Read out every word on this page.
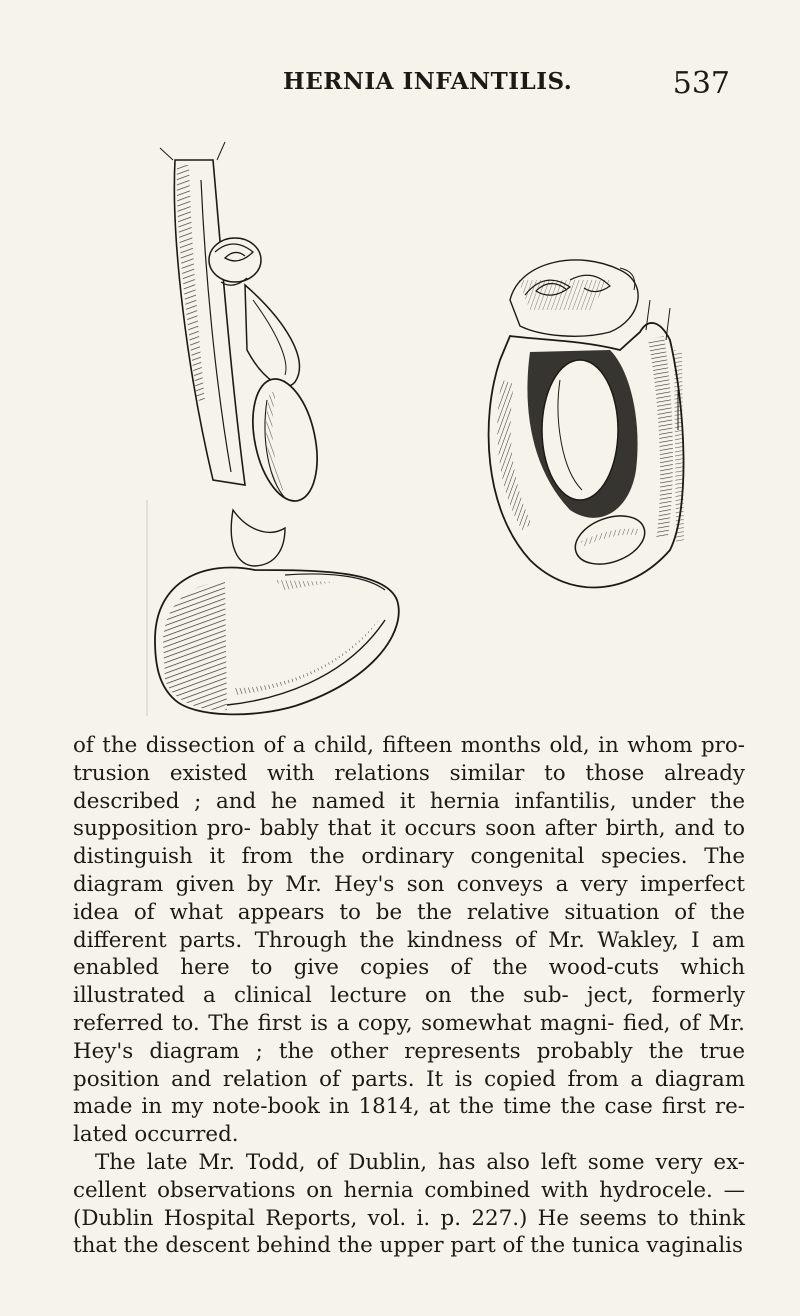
HERNIA INFANTILIS.	537

of the dissection of a child, fifteen months old, in whom pro- trusion existed with relations similar to those already described ; and he named it hernia infantilis, under the supposition pro- bably that it occurs soon after birth, and to distinguish it from the ordinary congenital species. The diagram given by Mr. Hey's son conveys a very imperfect idea of what appears to be the relative situation of the different parts. Through the kindness of Mr. Wakley, I am enabled here to give copies of the wood-cuts which illustrated a clinical lecture on the sub- ject, formerly referred to. The first is a copy, somewhat magni- fied, of Mr. Hey's diagram ; the other represents probably the true position and relation of parts. It is copied from a diagram made in my note-book in 1814, at the time the case first re- lated occurred.

The late Mr. Todd, of Dublin, has also left some very ex- cellent observations on hernia combined with hydrocele. — (Dublin Hospital Reports, vol. i. p. 227.) He seems to think that the descent behind the upper part of the tunica vaginalis
